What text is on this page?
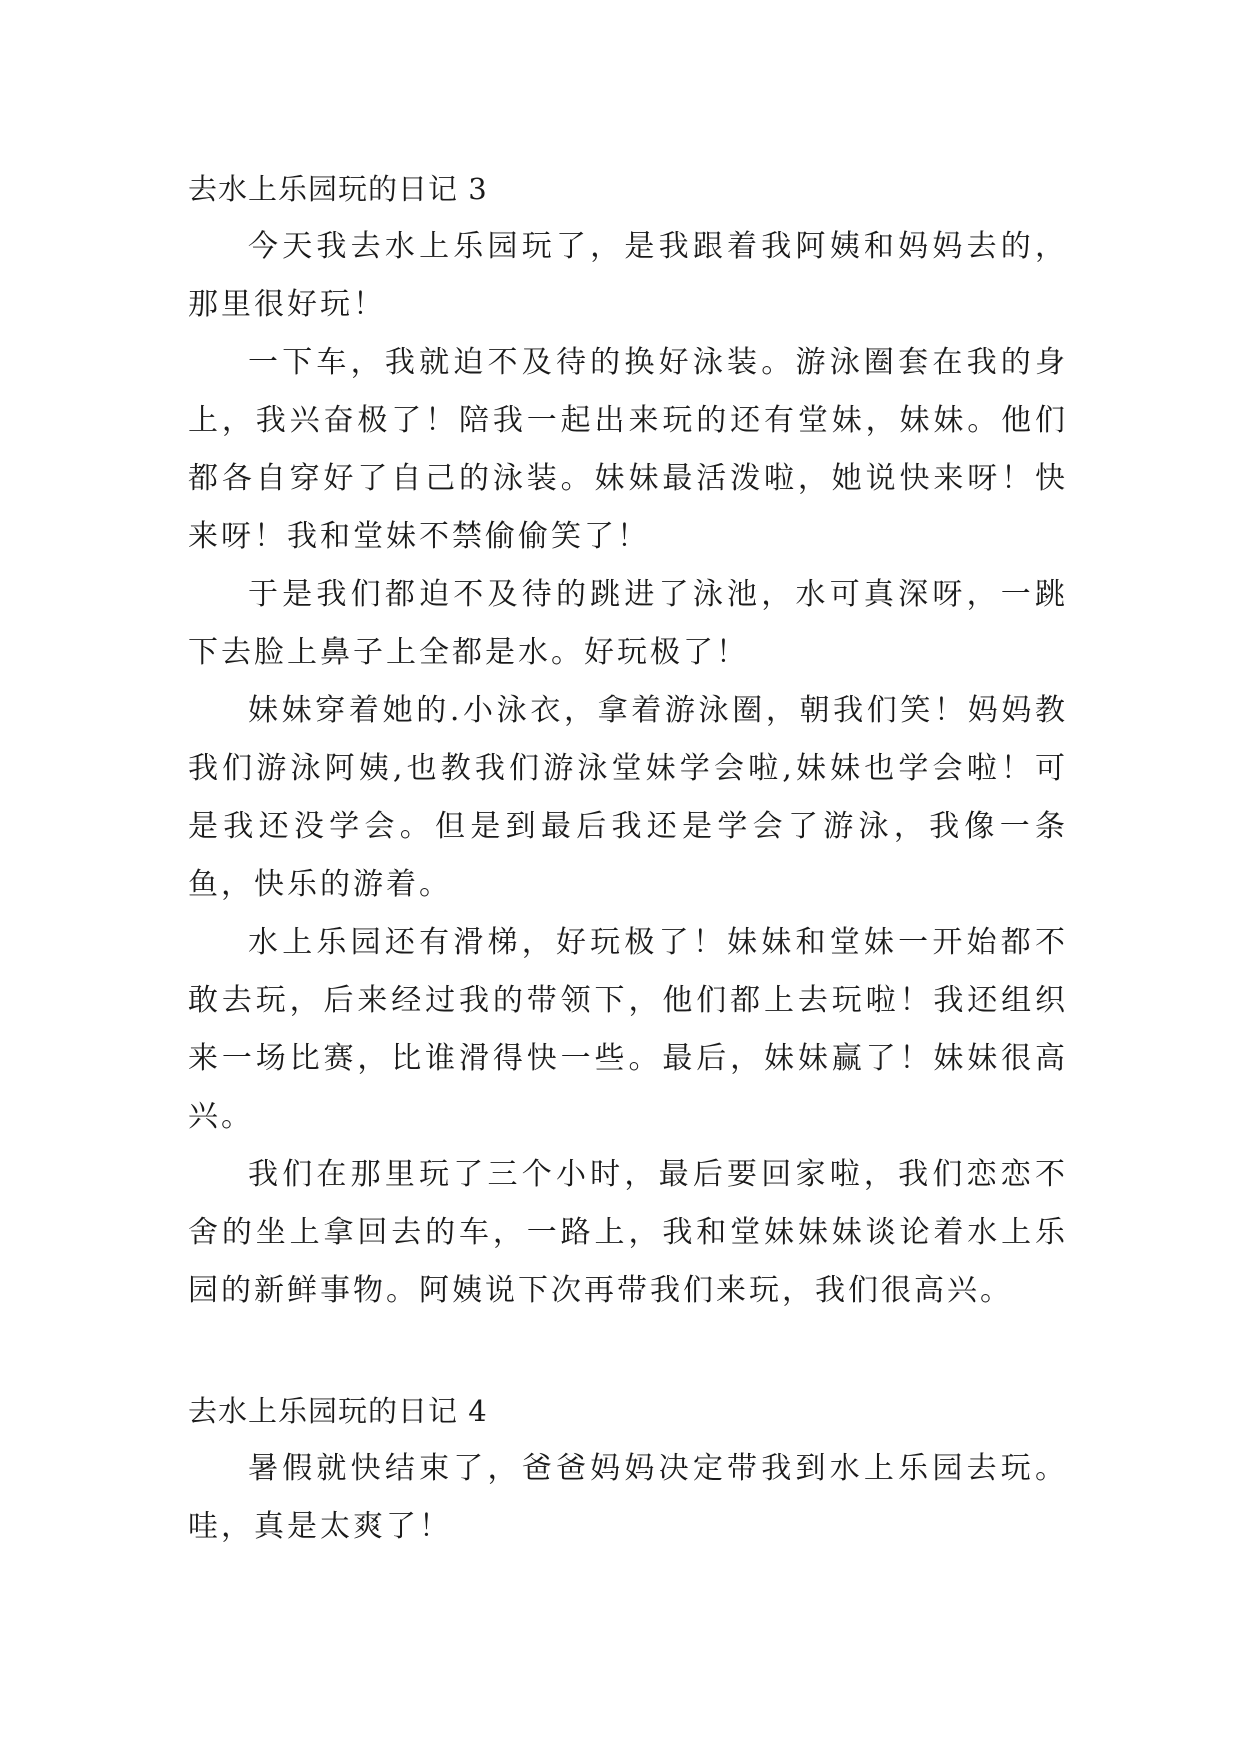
去水上乐园玩的日记 3

今天我去水上乐园玩了，是我跟着我阿姨和妈妈去的，那里很好玩！

一下车，我就迫不及待的换好泳装。游泳圈套在我的身上，我兴奋极了！陪我一起出来玩的还有堂妹，妹妹。他们都各自穿好了自己的泳装。妹妹最活泼啦，她说快来呀！快来呀！我和堂妹不禁偷偷笑了！

于是我们都迫不及待的跳进了泳池，水可真深呀，一跳下去脸上鼻子上全都是水。好玩极了！

妹妹穿着她的.小泳衣，拿着游泳圈，朝我们笑！妈妈教我们游泳阿姨,也教我们游泳堂妹学会啦,妹妹也学会啦！可是我还没学会。但是到最后我还是学会了游泳，我像一条鱼，快乐的游着。

水上乐园还有滑梯，好玩极了！妹妹和堂妹一开始都不敢去玩，后来经过我的带领下，他们都上去玩啦！我还组织来一场比赛，比谁滑得快一些。最后，妹妹赢了！妹妹很高兴。

我们在那里玩了三个小时，最后要回家啦，我们恋恋不舍的坐上拿回去的车，一路上，我和堂妹妹妹谈论着水上乐园的新鲜事物。阿姨说下次再带我们来玩，我们很高兴。

去水上乐园玩的日记 4

暑假就快结束了，爸爸妈妈决定带我到水上乐园去玩。哇，真是太爽了！
